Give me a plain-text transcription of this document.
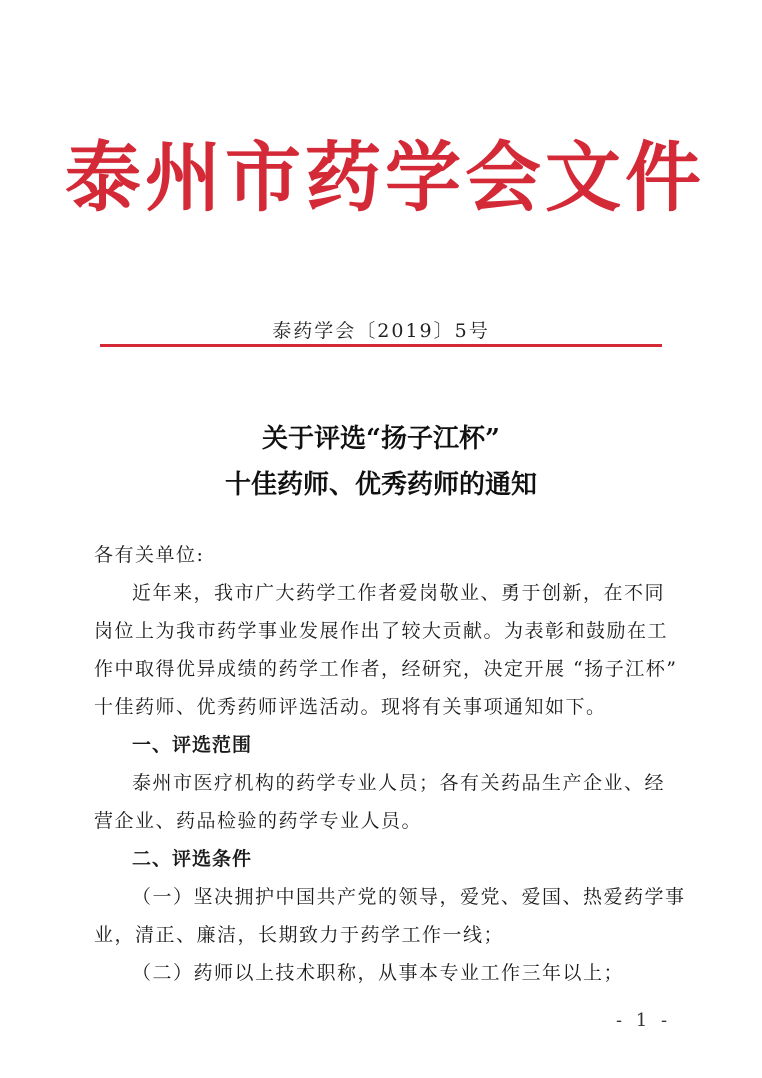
泰州市药学会文件
泰药学会〔2019〕5号
关于评选“扬子江杯”
十佳药师、优秀药师的通知
各有关单位:
近年来，我市广大药学工作者爱岗敬业、勇于创新，在不同
岗位上为我市药学事业发展作出了较大贡献。为表彰和鼓励在工
作中取得优异成绩的药学工作者，经研究，决定开展 “扬子江杯”
十佳药师、优秀药师评选活动。现将有关事项通知如下。
一、评选范围
泰州市医疗机构的药学专业人员；各有关药品生产企业、经
营企业、药品检验的药学专业人员。
二、评选条件
（一）坚决拥护中国共产党的领导，爱党、爱国、热爱药学事
业，清正、廉洁，长期致力于药学工作一线；
（二）药师以上技术职称，从事本专业工作三年以上；
- 1 -
